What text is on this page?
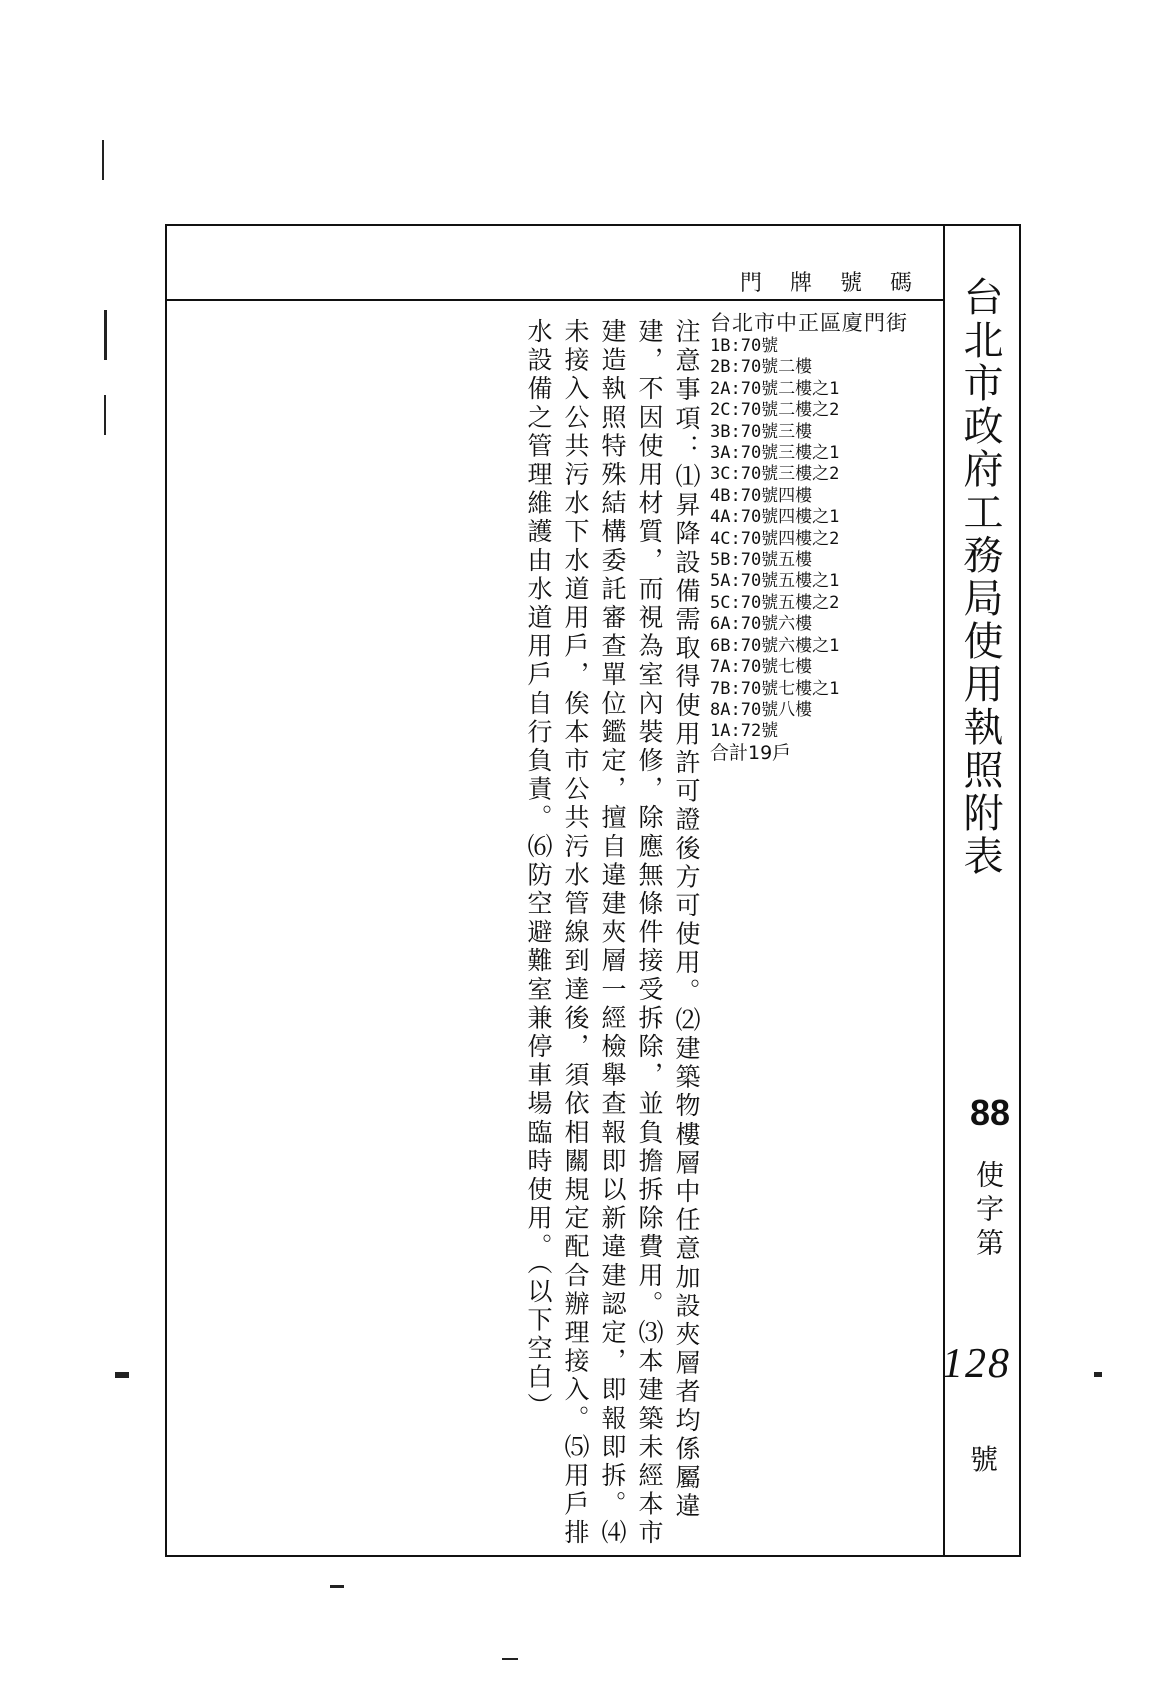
門牌號碼 台北市政府工務局使用執照附表
88
使字第
128
號
台北市中正區廈門街
1B:70號
2B:70號二樓
2A:70號二樓之1
2C:70號二樓之2
3B:70號三樓
3A:70號三樓之1
3C:70號三樓之2
4B:70號四樓
4A:70號四樓之1
4C:70號四樓之2
5B:70號五樓
5A:70號五樓之1
5C:70號五樓之2
6A:70號六樓
6B:70號六樓之1
7A:70號七樓
7B:70號七樓之1
8A:70號八樓
1A:72號
合計19戶
注意事項：⑴昇降設備需取得使用許可證後方可使用。⑵建築物樓層中任意加設夾層者均係屬違建，不因使用材質，而視為室內裝修，除應無條件接受拆除，並負擔拆除費用。⑶本建築未經本市建造執照特殊結構委託審查單位鑑定，擅自違建夾層一經檢舉查報即以新違建認定，即報即拆。⑷未接入公共污水下水道用戶，俟本市公共污水管線到達後，須依相關規定配合辦理接入。⑸用戶排水設備之管理維護由水道用戶自行負責。⑹防空避難室兼停車場臨時使用。（以下空白）
